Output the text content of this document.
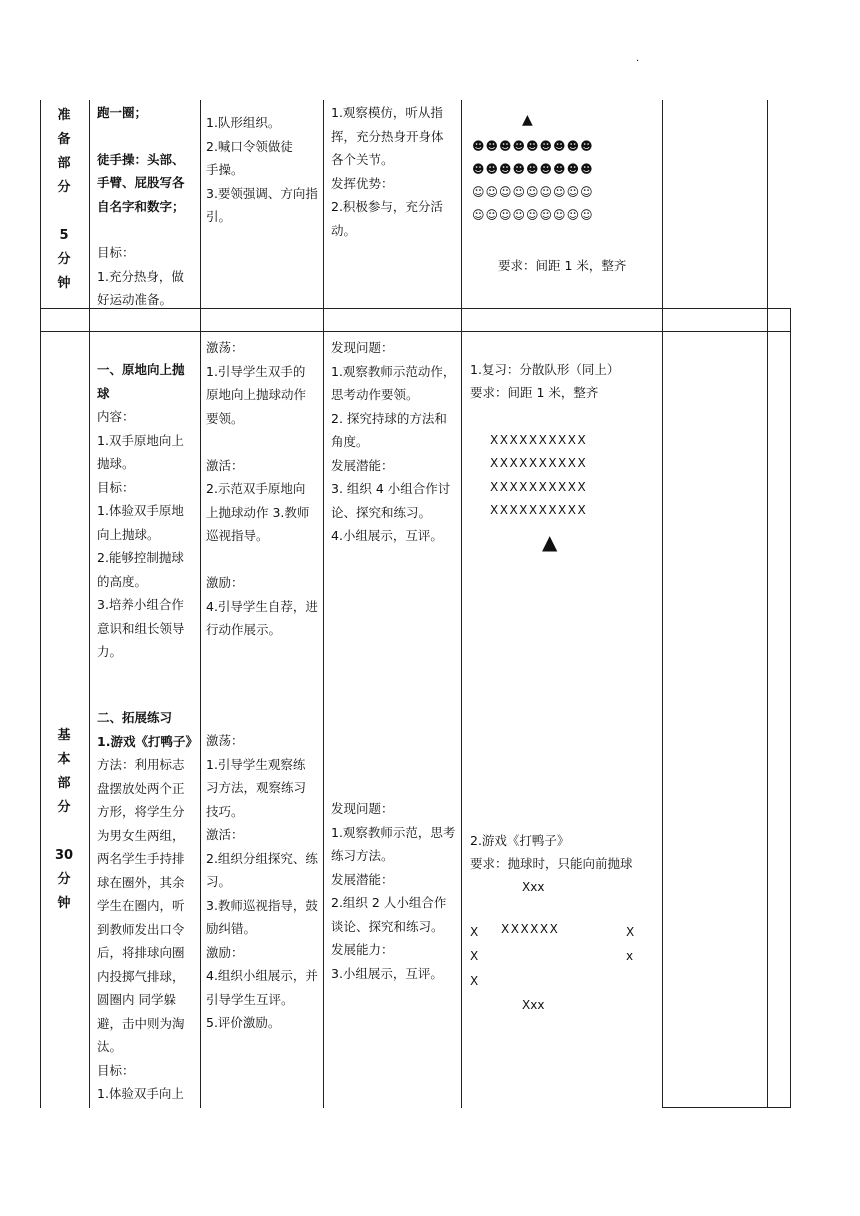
.
准
备
部
分
5
分
钟
跑一圈；
徒手操：头部、
手臂、屁股写各
自名字和数字；
目标：
1.充分热身，做
好运动准备。
1.队形组织。
2.喊口令领做徒
手操。
3.要领强调、方向指
引。
1.观察模仿，听从指
挥，充分热身开身体
各个关节。
发挥优势：
2.积极参与，充分活
动。
▲
☻☻☻☻☻☻☻☻☻
☻☻☻☻☻☻☻☻☻
☺☺☺☺☺☺☺☺☺
☺☺☺☺☺☺☺☺☺
要求：间距 1 米，整齐
基
本
部
分
30
分
钟
一、原地向上抛
球
内容：
1.双手原地向上
抛球。
目标：
1.体验双手原地
向上抛球。
2.能够控制抛球
的高度。
3.培养小组合作
意识和组长领导
力。
激荡：
1.引导学生双手的
原地向上抛球动作
要领。
激活：
2.示范双手原地向
上抛球动作 3.教师
巡视指导。
激励：
4.引导学生自荐，进
行动作展示。
发现问题：
1.观察教师示范动作，
思考动作要领。
2. 探究持球的方法和
角度。
发展潜能：
3. 组织 4 小组合作讨
论、探究和练习。
4.小组展示，互评。
1.复习：分散队形（同上）
要求：间距 1 米，整齐
XXXXXXXXXX
XXXXXXXXXX
XXXXXXXXXX
XXXXXXXXXX
▲
二、拓展练习
1.游戏《打鸭子》
方法：利用标志
盘摆放处两个正
方形，将学生分
为男女生两组，
两名学生手持排
球在圈外，其余
学生在圈内，听
到教师发出口令
后，将排球向圈
内投掷气排球，
圆圈内 同学躲
避，击中则为淘
汰。
目标：
1.体验双手向上
激荡：
1.引导学生观察练
习方法，观察练习
技巧。
激活：
2.组织分组探究、练
习。
3.教师巡视指导，鼓
励纠错。
激励：
4.组织小组展示，并
引导学生互评。
5.评价激励。
发现问题：
1.观察教师示范，思考
练习方法。
发展潜能：
2.组织 2 人小组合作
谈论、探究和练习。
发展能力：
3.小组展示，互评。
2.游戏《打鸭子》
要求：抛球时，只能向前抛球
Xxx
X XXXXXX	X
X	x
X
Xxx
